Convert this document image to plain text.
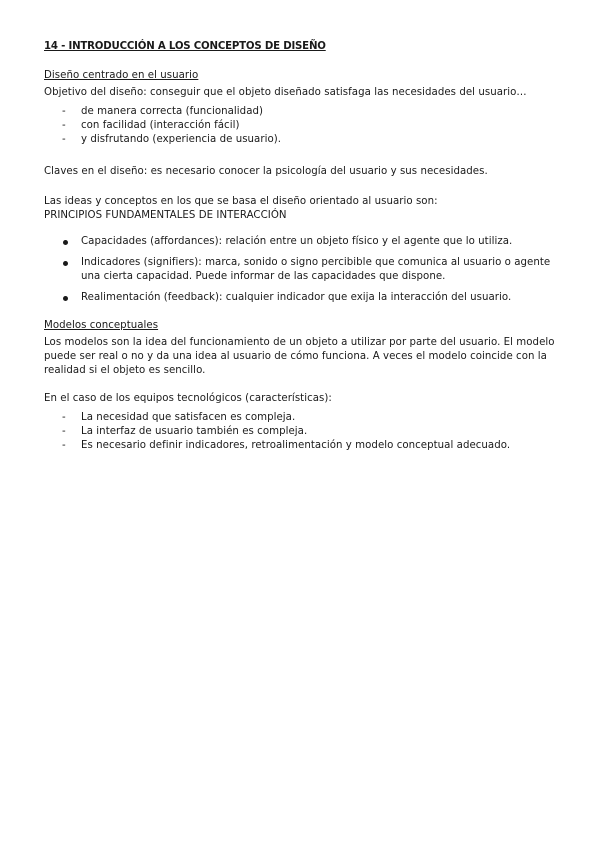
14 - INTRODUCCIÓN A LOS CONCEPTOS DE DISEÑO
Diseño centrado en el usuario

Objetivo del diseño: conseguir que el objeto diseñado satisfaga las necesidades del usuario…

- de manera correcta (funcionalidad)
- con facilidad (interacción fácil)
- y disfrutando (experiencia de usuario).

Claves en el diseño: es necesario conocer la psicología del usuario y sus necesidades.

Las ideas y conceptos en los que se basa el diseño orientado al usuario son:

PRINCIPIOS FUNDAMENTALES DE INTERACCIÓN

Capacidades (affordances): relación entre un objeto físico y el agente que lo utiliza.
Indicadores (signifiers): marca, sonido o signo percibible que comunica al usuario o agente una cierta capacidad. Puede informar de las capacidades que dispone.
Realimentación (feedback): cualquier indicador que exija la interacción del usuario.
Modelos conceptuales

Los modelos son la idea del funcionamiento de un objeto a utilizar por parte del usuario. El modelo puede ser real o no y da una idea al usuario de cómo funciona. A veces el modelo coincide con la realidad si el objeto es sencillo.

En el caso de los equipos tecnológicos (características):

- La necesidad que satisfacen es compleja.
- La interfaz de usuario también es compleja.
- Es necesario definir indicadores, retroalimentación y modelo conceptual adecuado.
